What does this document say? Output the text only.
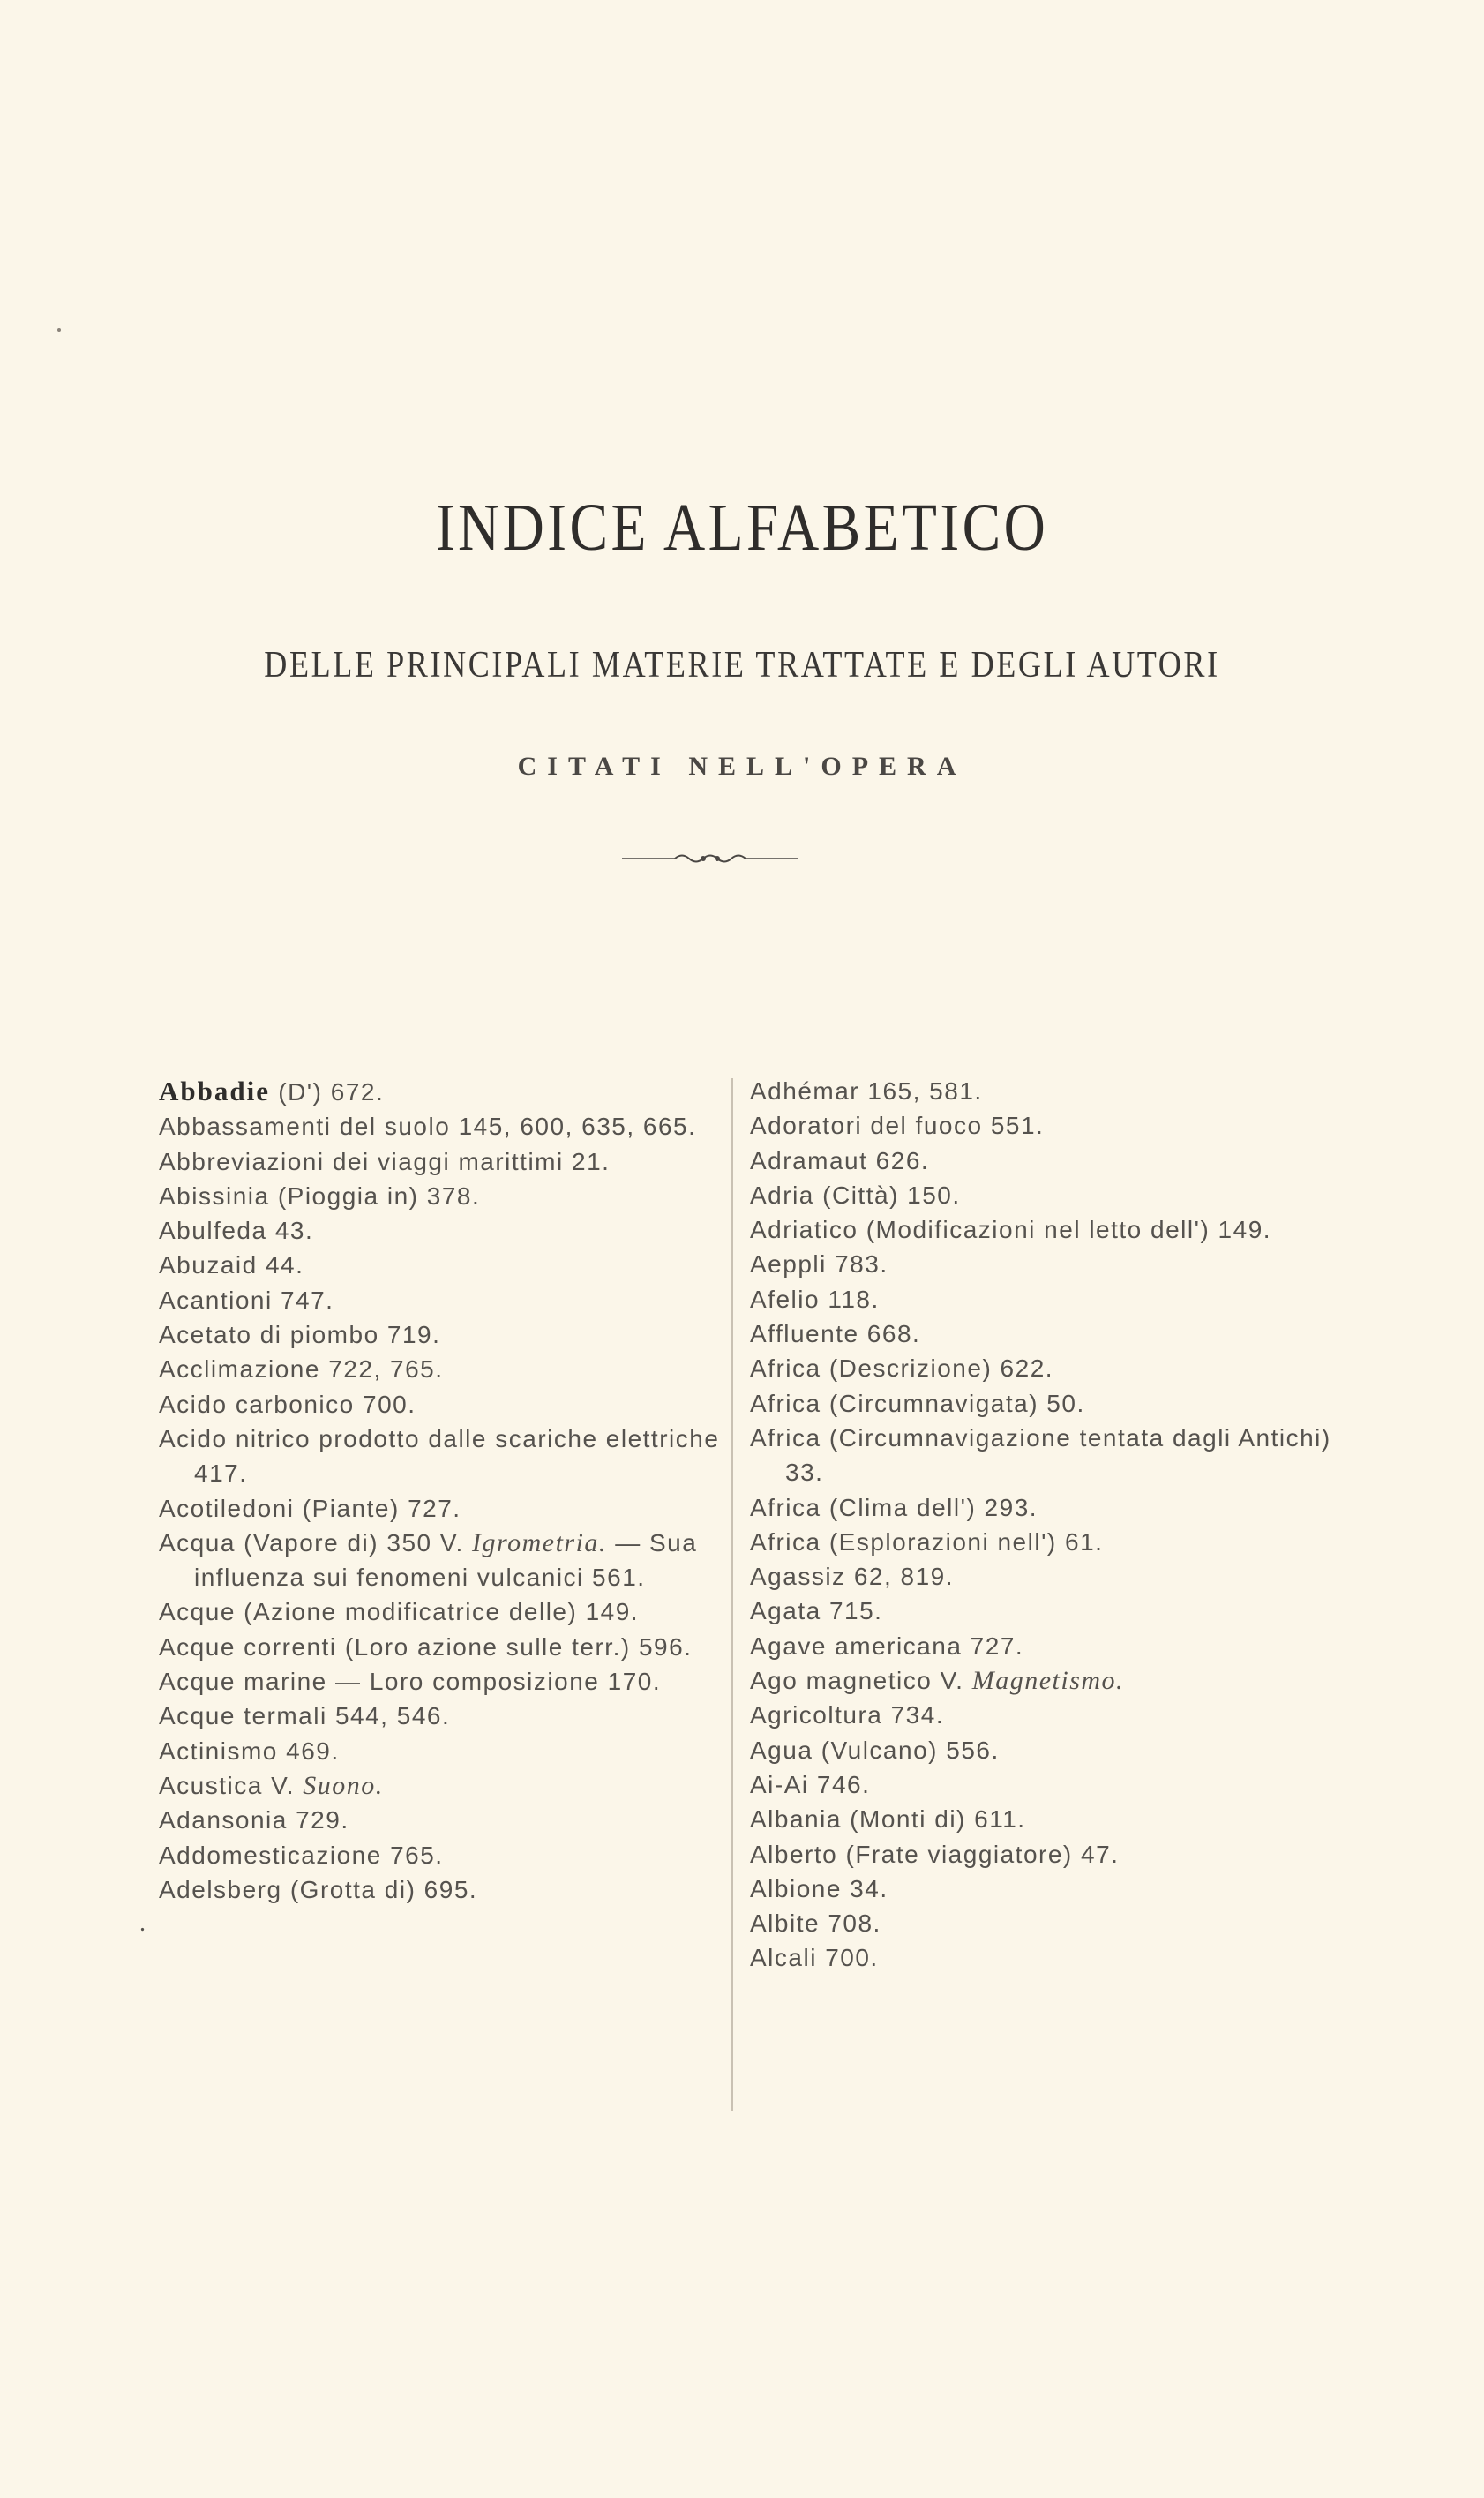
INDICE ALFABETICO
DELLE PRINCIPALI MATERIE TRATTATE E DEGLI AUTORI
CITATI NELL'OPERA

Abbadie (D') 672.

Abbassamenti del suolo 145, 600, 635, 665.

Abbreviazioni dei viaggi marittimi 21.

Abissinia (Pioggia in) 378.

Abulfeda 43.

Abuzaid 44.

Acantioni 747.

Acetato di piombo 719.

Acclimazione 722, 765.

Acido carbonico 700.

Acido nitrico prodotto dalle scariche elettriche 417.

Acotiledoni (Piante) 727.

Acqua (Vapore di) 350 V. Igrometria. — Sua influenza sui fenomeni vulcanici 561.

Acque (Azione modificatrice delle) 149.

Acque correnti (Loro azione sulle terr.) 596.

Acque marine — Loro composizione 170.

Acque termali 544, 546.

Actinismo 469.

Acustica V. Suono.

Adansonia 729.

Addomesticazione 765.

Adelsberg (Grotta di) 695.

Adhémar 165, 581.

Adoratori del fuoco 551.

Adramaut 626.

Adria (Città) 150.

Adriatico (Modificazioni nel letto dell') 149.

Aeppli 783.

Afelio 118.

Affluente 668.

Africa (Descrizione) 622.

Africa (Circumnavigata) 50.

Africa (Circumnavigazione tentata dagli Antichi) 33.

Africa (Clima dell') 293.

Africa (Esplorazioni nell') 61.

Agassiz 62, 819.

Agata 715.

Agave americana 727.

Ago magnetico V. Magnetismo.

Agricoltura 734.

Agua (Vulcano) 556.

Ai-Ai 746.

Albania (Monti di) 611.

Alberto (Frate viaggiatore) 47.

Albione 34.

Albite 708.

Alcali 700.

.
